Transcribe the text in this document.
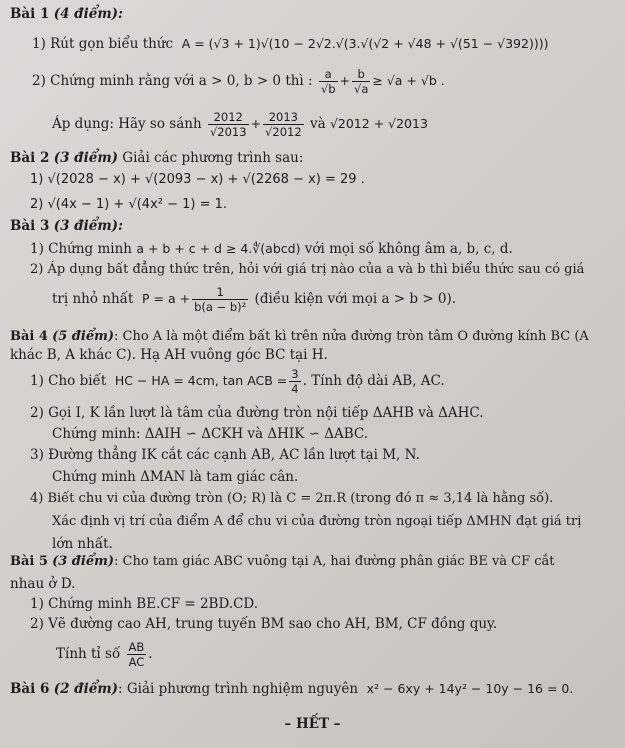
Bài 1 (4 điểm):
1) Rút gọn biểu thức A = (√3 + 1)√(10 − 2√2.√(3.√(√2 + √48 + √(51 − √392))))
2) Chứng minh rằng với a > 0, b > 0 thì : $\frac{a}{√b} + \frac{b}{√a} \ge √a + √b$ .
Áp dụng: Hãy so sánh $\frac{2012}{√2013} + \frac{2013}{√2012}$ và √2012 + √2013
Bài 2 (3 điểm) Giải các phương trình sau:
1) √(2028 − x) + √(2093 − x) + √(2268 − x) = 29 .
2) √(4x − 1) + √(4x² − 1) = 1.
Bài 3 (3 điểm):
1) Chứng minh a + b + c + d ≥ 4.∜(abcd) với mọi số không âm a, b, c, d.
2) Áp dụng bất đẳng thức trên, hỏi với giá trị nào của a và b thì biểu thức sau có giá
trị nhỏ nhất $P = a + \frac{1}{\text{b(a − b)²}}$ (điều kiện với mọi a > b > 0).
Bài 4 (5 điểm): Cho A là một điểm bất kì trên nửa đường tròn tâm O đường kính BC (A
khác B, A khác C). Hạ AH vuông góc BC tại H.
1) Cho biết HC − HA = 4cm, tan ACB = $\frac{3}{4}$ . Tính độ dài AB, AC.
2) Gọi I, K lần lượt là tâm của đường tròn nội tiếp ΔAHB và ΔAHC.
Chứng minh: ΔAIH ∽ ΔCKH và ΔHIK ∽ ΔABC.
3) Đường thẳng IK cắt các cạnh AB, AC lần lượt tại M, N.
Chứng minh ΔMAN là tam giác cân.
4) Biết chu vi của đường tròn (O; R) là C = 2π.R (trong đó π ≈ 3,14 là hằng số).
Xác định vị trí của điểm A để chu vi của đường tròn ngoại tiếp ΔMHN đạt giá trị
lớn nhất.
Bài 5 (3 điểm): Cho tam giác ABC vuông tại A, hai đường phân giác BE và CF cắt
nhau ở D.
1) Chứng minh BE.CF = 2BD.CD.
2) Vẽ đường cao AH, trung tuyến BM sao cho AH, BM, CF đồng quy.
Tính tỉ số $\frac{AB}{AC}$ .
Bài 6 (2 điểm): Giải phương trình nghiệm nguyên x² − 6xy + 14y² − 10y − 16 = 0.
– HẾT –
